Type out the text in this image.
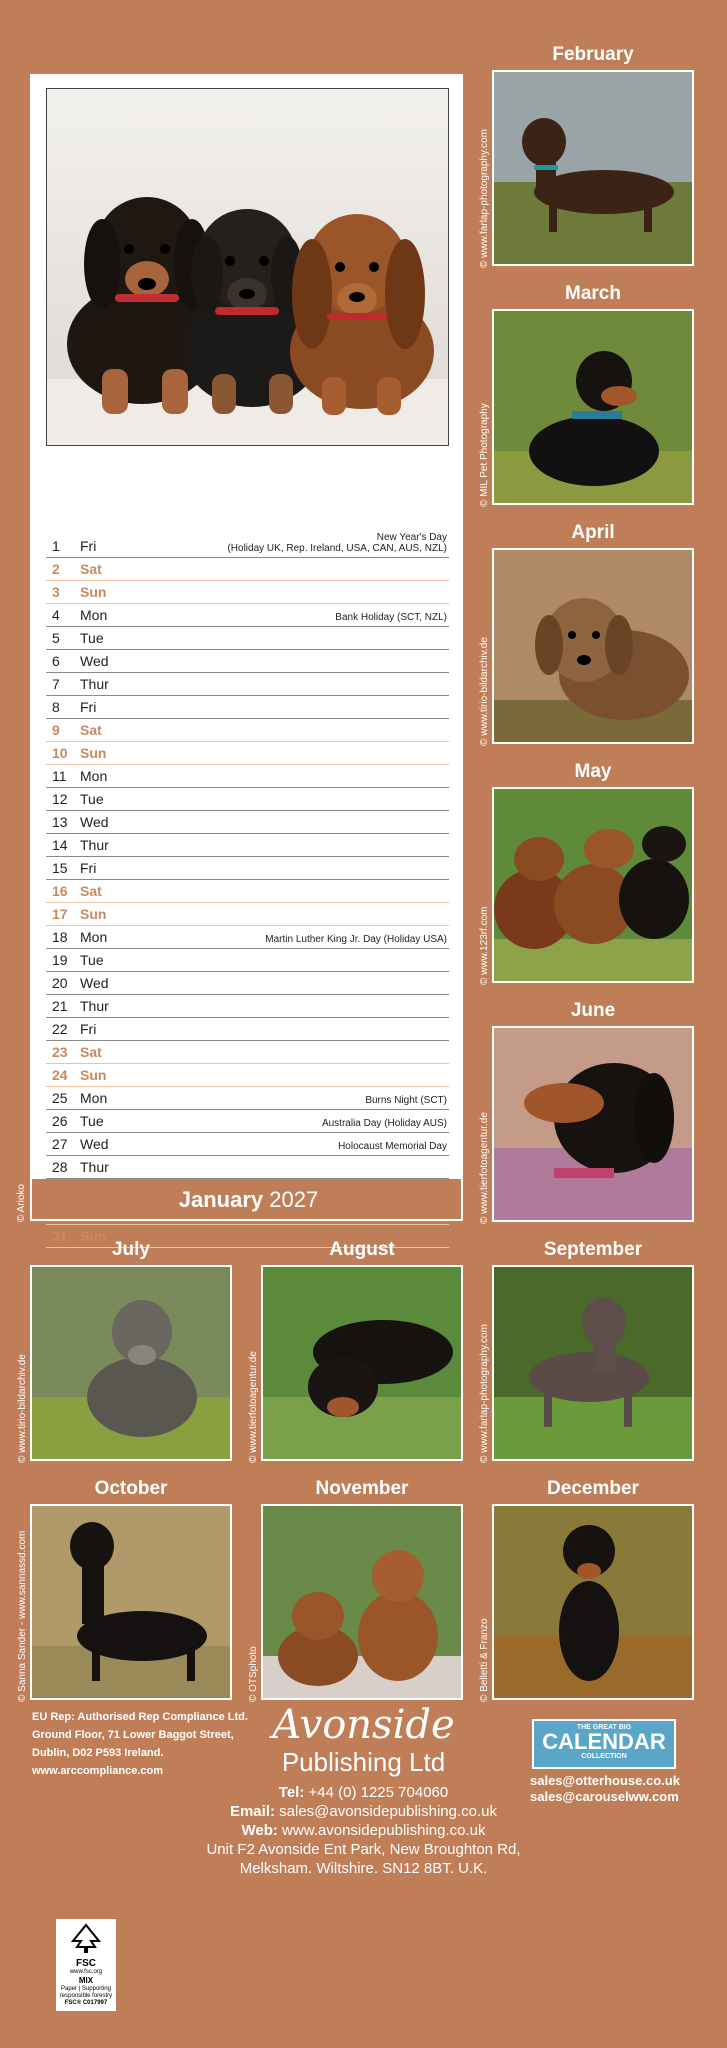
1	Fri
New Year's Day
(Holiday UK, Rep. Ireland, USA, CAN, AUS, NZL)
2	Sat
3	Sun
4	Mon	Bank Holiday (SCT, NZL)
5	Tue
6	Wed
7	Thur
8	Fri
9	Sat
10 Sun
11 Mon
12 Tue
13 Wed
14 Thur
15 Fri
16 Sat
17 Sun
18 Mon	Martin Luther King Jr. Day (Holiday USA)
19 Tue
20 Wed
21 Thur
22 Fri
23 Sat
24 Sun
25 Mon	Burns Night (SCT)
26 Tue	Australia Day (Holiday AUS)
27 Wed	Holocaust Memorial Day
28 Thur
31 Sun
January 2027
© Arioko
February
© www.farlap-photography.com
March
© MIL Pet Photography
April
© www.tirio-bildarchiv.de
May
© www.123rf.com
June
© www.tierfotoagentur.de
July
© www.tirio-bildarchiv.de
August
© www.tierfotoagentur.de
September
© www.farlap-photography.com
October
© Sanna Sander - www.sannassd.com
November
© OTSphoto
December
© Belletti & Franzo
EU Rep: Authorised Rep Compliance Ltd.
Ground Floor, 71 Lower Baggot Street,
Dublin, D02 P593 Ireland.
www.arccompliance.com
THE GREAT BIG
CALENDAR
COLLECTION
sales@otterhouse.co.uk
sales@carouselww.com
Avonside
Publishing Ltd
Tel: +44 (0) 1225 704060
Email: sales@avonsidepublishing.co.uk
Web: www.avonsidepublishing.co.uk
Unit F2 Avonside Ent Park, New Broughton Rd,
Melksham. Wiltshire. SN12 8BT. U.K.
FSC
www.fsc.org
MIX
Paper | Supporting
responsible forestry
FSC® C017997
